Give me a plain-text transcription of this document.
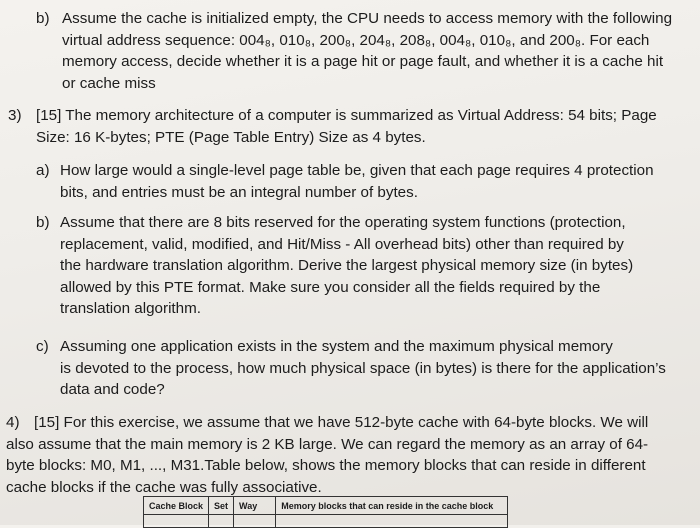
b) Assume the cache is initialized empty, the CPU needs to access memory with the following
virtual address sequence: 004₈, 010₈, 200₈, 204₈, 208₈, 004₈, 010₈, and 200₈. For each
memory access, decide whether it is a page hit or page fault, and whether it is a cache hit
or cache miss
3) [15] The memory architecture of a computer is summarized as Virtual Address: 54 bits; Page
Size: 16 K-bytes; PTE (Page Table Entry) Size as 4 bytes.
a) How large would a single-level page table be, given that each page requires 4 protection
bits, and entries must be an integral number of bytes.
b) Assume that there are 8 bits reserved for the operating system functions (protection,
replacement, valid, modified, and Hit/Miss - All overhead bits) other than required by
the hardware translation algorithm. Derive the largest physical memory size (in bytes)
allowed by this PTE format. Make sure you consider all the fields required by the
translation algorithm.
c) Assuming one application exists in the system and the maximum physical memory
is devoted to the process, how much physical space (in bytes) is there for the application’s
data and code?
4) [15] For this exercise, we assume that we have 512-byte cache with 64-byte blocks. We will
also assume that the main memory is 2 KB large. We can regard the memory as an array of 64-
byte blocks: M0, M1, ..., M31.Table below, shows the memory blocks that can reside in different
cache blocks if the cache was fully associative.
Cache Block	Set	Way	Memory blocks that can reside in the cache block
